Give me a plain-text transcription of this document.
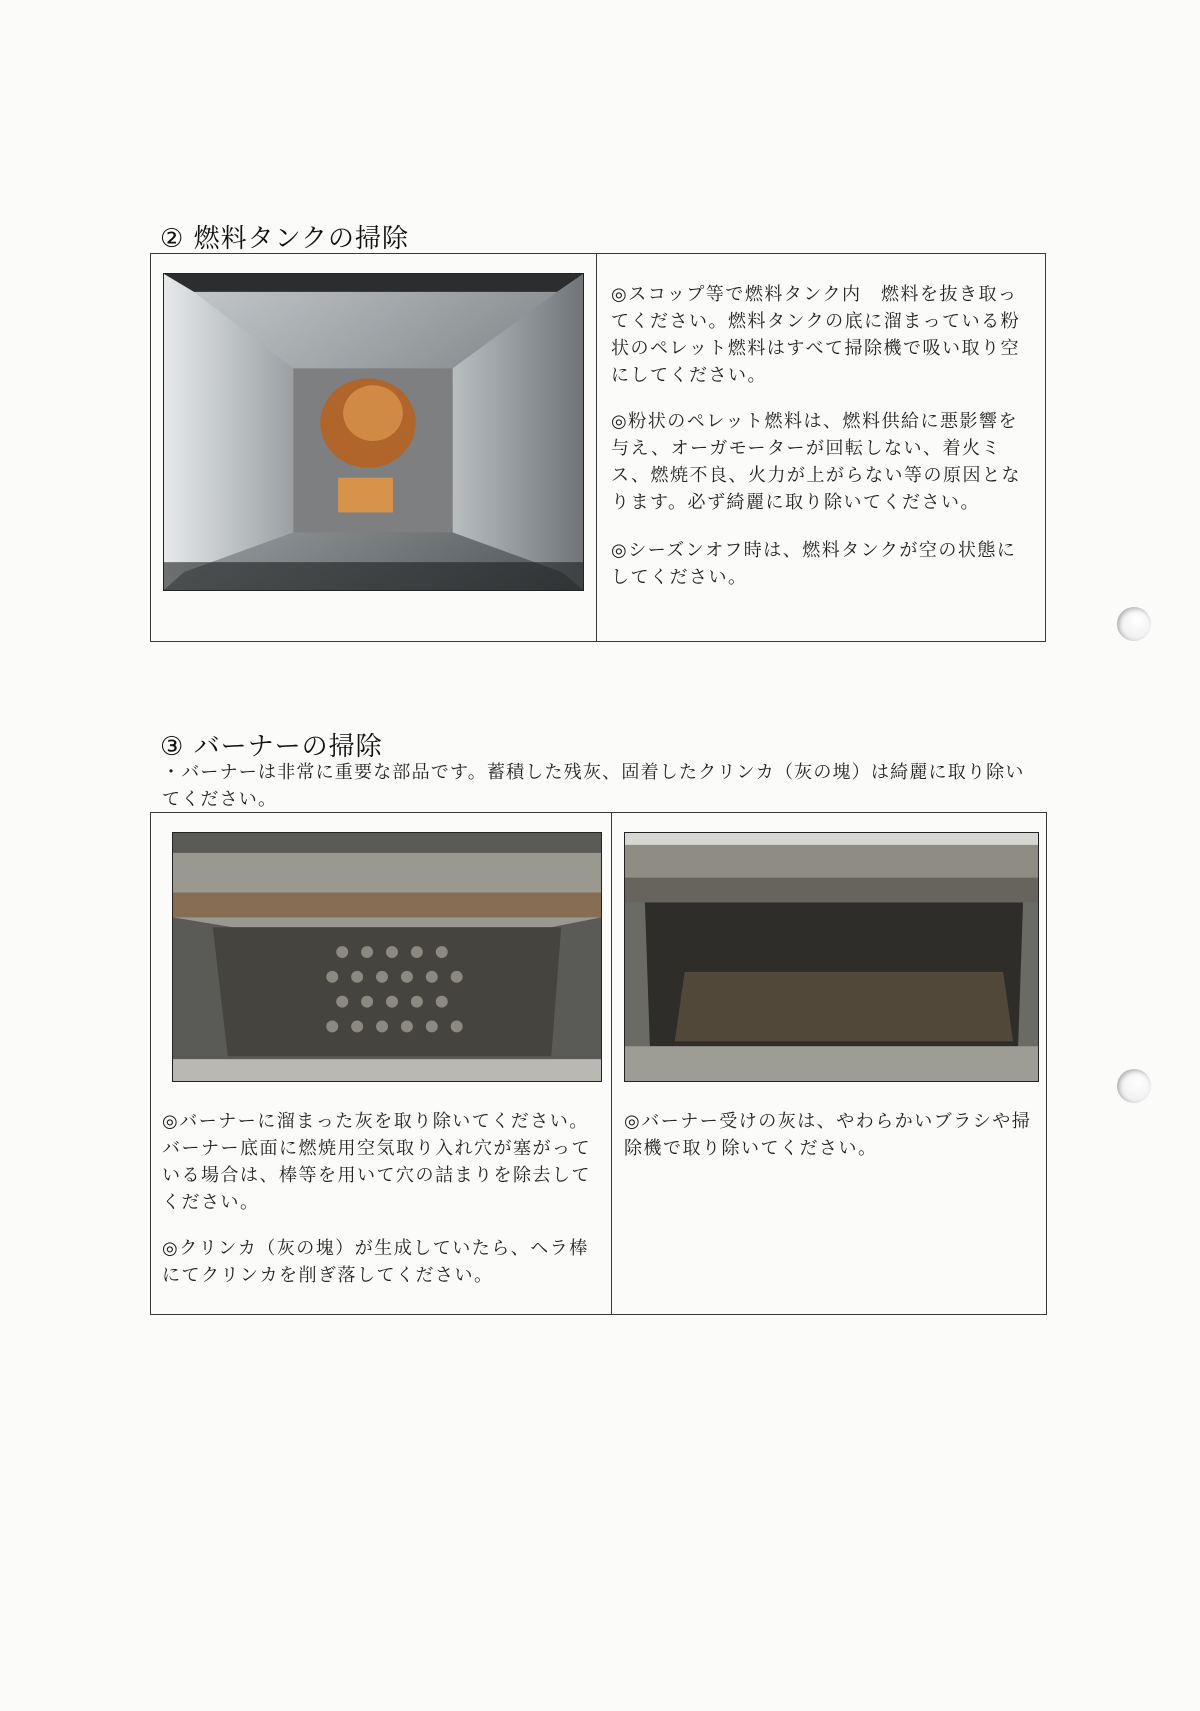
② 燃料タンクの掃除

◎スコップ等で燃料タンク内　燃料を抜き取ってください。燃料タンクの底に溜まっている粉状のペレット燃料はすべて掃除機で吸い取り空にしてください。

◎粉状のペレット燃料は、燃料供給に悪影響を与え、オーガモーターが回転しない、着火ミス、燃焼不良、火力が上がらない等の原因となります。必ず綺麗に取り除いてください。

◎シーズンオフ時は、燃料タンクが空の状態にしてください。

③ バーナーの掃除

・バーナーは非常に重要な部品です。蓄積した残灰、固着したクリンカ（灰の塊）は綺麗に取り除いてください。

◎バーナーに溜まった灰を取り除いてください。バーナー底面に燃焼用空気取り入れ穴が塞がっている場合は、棒等を用いて穴の詰まりを除去してください。

◎クリンカ（灰の塊）が生成していたら、ヘラ棒にてクリンカを削ぎ落してください。

◎バーナー受けの灰は、やわらかいブラシや掃除機で取り除いてください。
